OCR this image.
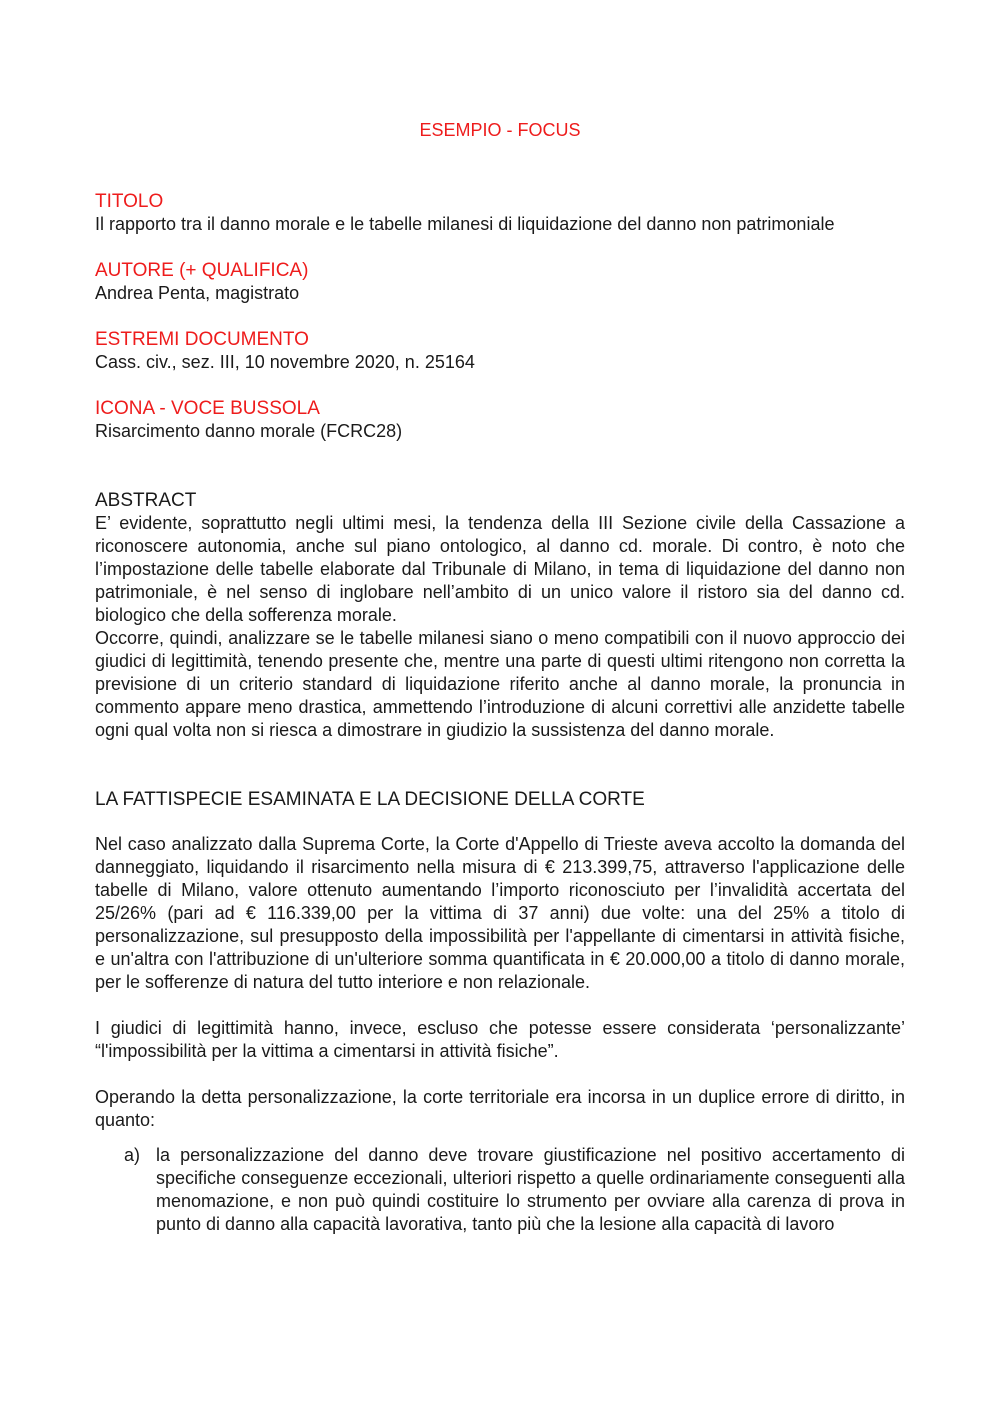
ESEMPIO - FOCUS

TITOLO

Il rapporto tra il danno morale e le tabelle milanesi di liquidazione del danno non patrimoniale

AUTORE (+ QUALIFICA)

Andrea Penta, magistrato

ESTREMI DOCUMENTO

Cass. civ., sez. III, 10 novembre 2020, n. 25164

ICONA - VOCE BUSSOLA

Risarcimento danno morale (FCRC28)

ABSTRACT

E’ evidente, soprattutto negli ultimi mesi, la tendenza della III Sezione civile della Cassazione a riconoscere autonomia, anche sul piano ontologico, al danno cd. morale. Di contro, è noto che l’impostazione delle tabelle elaborate dal Tribunale di Milano, in tema di liquidazione del danno non patrimoniale, è nel senso di inglobare nell’ambito di un unico valore il ristoro sia del danno cd. biologico che della sofferenza morale.

Occorre, quindi, analizzare se le tabelle milanesi siano o meno compatibili con il nuovo approccio dei giudici di legittimità, tenendo presente che, mentre una parte di questi ultimi ritengono non corretta la previsione di un criterio standard di liquidazione riferito anche al danno morale, la pronuncia in commento appare meno drastica, ammettendo l’introduzione di alcuni correttivi alle anzidette tabelle ogni qual volta non si riesca a dimostrare in giudizio la sussistenza del danno morale.

LA FATTISPECIE ESAMINATA E LA DECISIONE DELLA CORTE

Nel caso analizzato dalla Suprema Corte, la Corte d'Appello di Trieste aveva accolto la domanda del danneggiato, liquidando il risarcimento nella misura di € 213.399,75, attraverso l'applicazione delle tabelle di Milano, valore ottenuto aumentando l’importo riconosciuto per l’invalidità accertata del 25/26% (pari ad € 116.339,00 per la vittima di 37 anni) due volte: una del 25% a titolo di personalizzazione, sul presupposto della impossibilità per l'appellante di cimentarsi in attività fisiche, e un'altra con l'attribuzione di un'ulteriore somma quantificata in € 20.000,00 a titolo di danno morale, per le sofferenze di natura del tutto interiore e non relazionale.

I giudici di legittimità hanno, invece, escluso che potesse essere considerata ‘personalizzante’ “l'impossibilità per la vittima a cimentarsi in attività fisiche”.

Operando la detta personalizzazione, la corte territoriale era incorsa in un duplice errore di diritto, in quanto:

a) la personalizzazione del danno deve trovare giustificazione nel positivo accertamento di specifiche conseguenze eccezionali, ulteriori rispetto a quelle ordinariamente conseguenti alla menomazione, e non può quindi costituire lo strumento per ovviare alla carenza di prova in punto di danno alla capacità lavorativa, tanto più che la lesione alla capacità di lavoro
